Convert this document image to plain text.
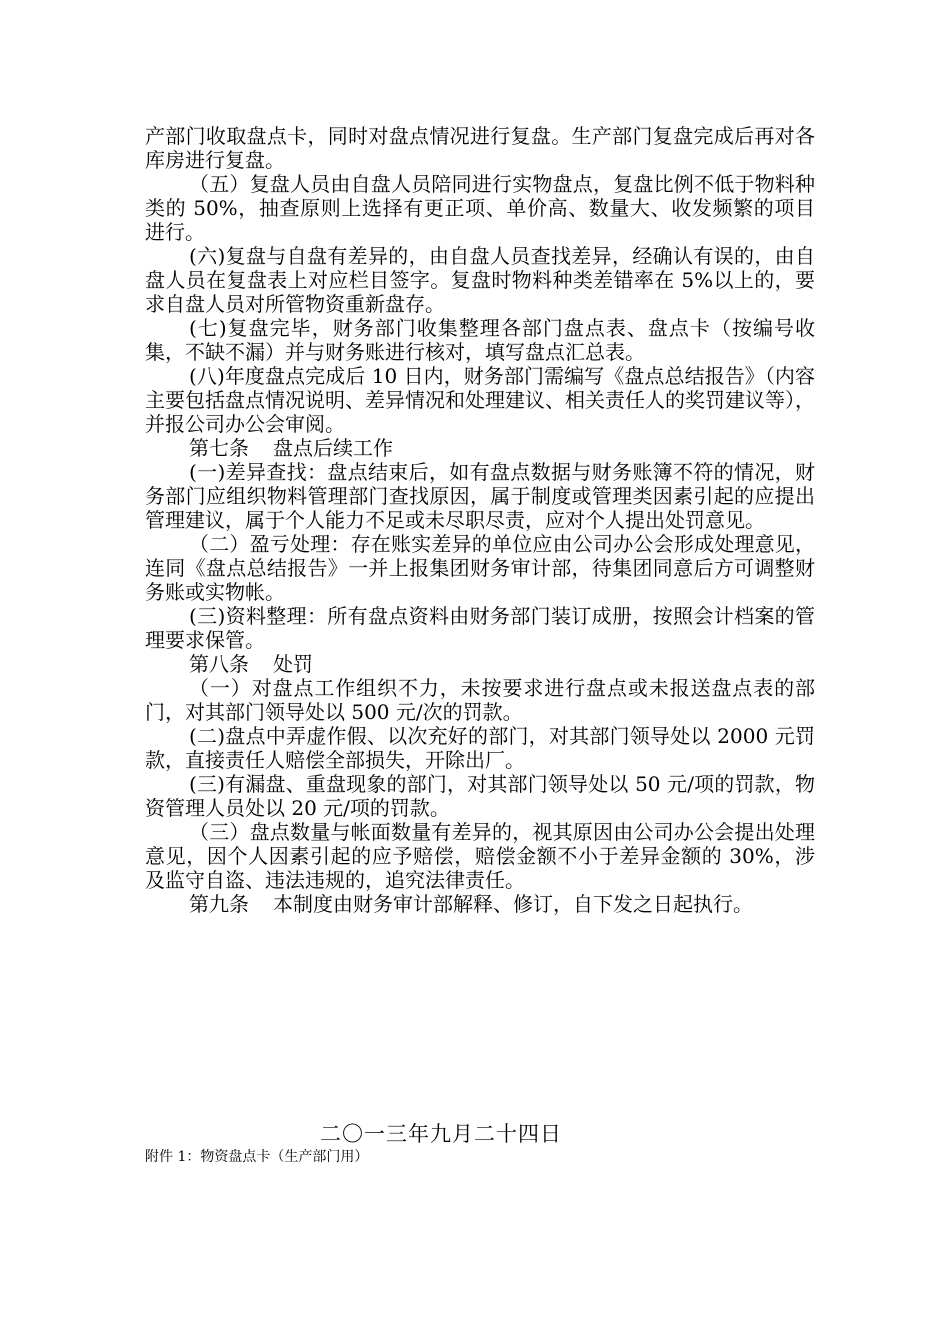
产部门收取盘点卡，同时对盘点情况进行复盘。生产部门复盘完成后再对各库房进行复盘。

（五）复盘人员由自盘人员陪同进行实物盘点，复盘比例不低于物料种类的 50%，抽查原则上选择有更正项、单价高、数量大、收发频繁的项目进行。

(六)复盘与自盘有差异的，由自盘人员查找差异，经确认有误的，由自盘人员在复盘表上对应栏目签字。复盘时物料种类差错率在 5%以上的，要求自盘人员对所管物资重新盘存。

(七)复盘完毕，财务部门收集整理各部门盘点表、盘点卡（按编号收集，不缺不漏）并与财务账进行核对，填写盘点汇总表。

(八)年度盘点完成后 10 日内，财务部门需编写《盘点总结报告》（内容主要包括盘点情况说明、差异情况和处理建议、相关责任人的奖罚建议等），并报公司办公会审阅。

第七条 盘点后续工作

(一)差异查找：盘点结束后，如有盘点数据与财务账簿不符的情况，财务部门应组织物料管理部门查找原因，属于制度或管理类因素引起的应提出管理建议，属于个人能力不足或未尽职尽责，应对个人提出处罚意见。

（二）盈亏处理：存在账实差异的单位应由公司办公会形成处理意见，连同《盘点总结报告》一并上报集团财务审计部，待集团同意后方可调整财务账或实物帐。

(三)资料整理：所有盘点资料由财务部门装订成册，按照会计档案的管理要求保管。

第八条 处罚

（一）对盘点工作组织不力，未按要求进行盘点或未报送盘点表的部门，对其部门领导处以 500 元/次的罚款。

(二)盘点中弄虚作假、以次充好的部门，对其部门领导处以 2000 元罚款，直接责任人赔偿全部损失，开除出厂。

(三)有漏盘、重盘现象的部门，对其部门领导处以 50 元/项的罚款，物资管理人员处以 20 元/项的罚款。

（三）盘点数量与帐面数量有差异的，视其原因由公司办公会提出处理意见，因个人因素引起的应予赔偿，赔偿金额不小于差异金额的 30%，涉及监守自盗、违法违规的，追究法律责任。

第九条 本制度由财务审计部解释、修订，自下发之日起执行。

二〇一三年九月二十四日
附件 1：物资盘点卡（生产部门用）
